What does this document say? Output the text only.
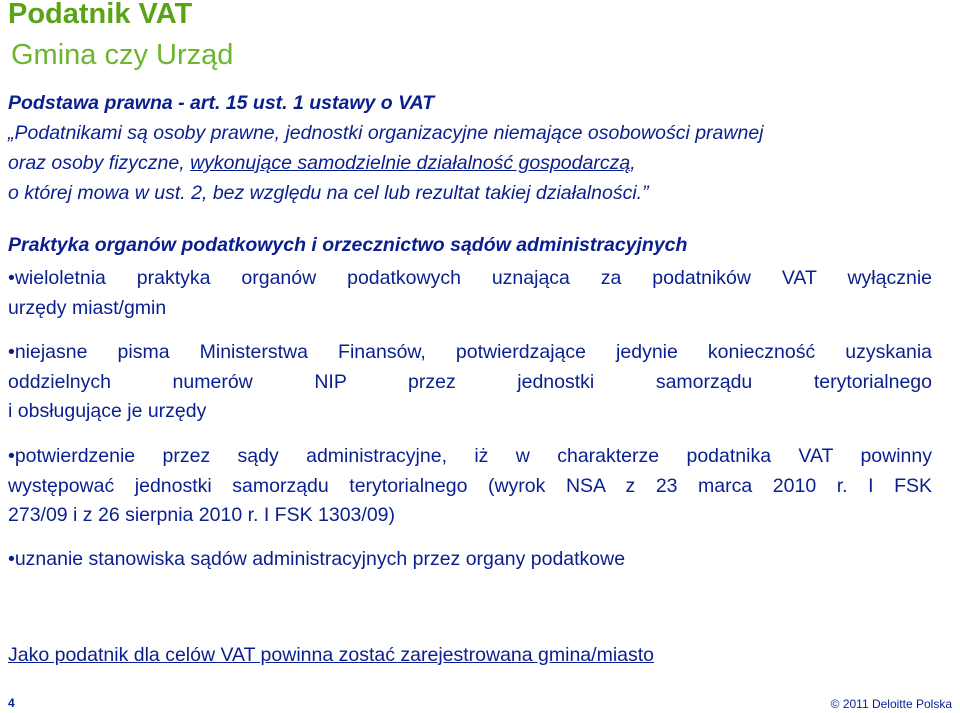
Podatnik VAT
Gmina czy Urząd
Podstawa prawna - art. 15 ust. 1 ustawy o VAT
„Podatnikami są osoby prawne, jednostki organizacyjne niemające osobowości prawnej
oraz osoby fizyczne, wykonujące samodzielnie działalność gospodarczą,
o której mowa w ust. 2, bez względu na cel lub rezultat takiej działalności.”
Praktyka organów podatkowych i orzecznictwo sądów administracyjnych
•wieloletnia praktyka organów podatkowych uznająca za podatników VAT wyłącznie
urzędy miast/gmin
•niejasne pisma Ministerstwa Finansów, potwierdzające jedynie konieczność uzyskania
oddzielnych numerów NIP przez jednostki samorządu terytorialnego
i obsługujące je urzędy
•potwierdzenie przez sądy administracyjne, iż w charakterze podatnika VAT powinny
występować jednostki samorządu terytorialnego (wyrok NSA z 23 marca 2010 r. I FSK
273/09 i z 26 sierpnia 2010 r. I FSK 1303/09)
•uznanie stanowiska sądów administracyjnych przez organy podatkowe
Jako podatnik dla celów VAT powinna zostać zarejestrowana gmina/miasto
4	© 2011 Deloitte Polska
